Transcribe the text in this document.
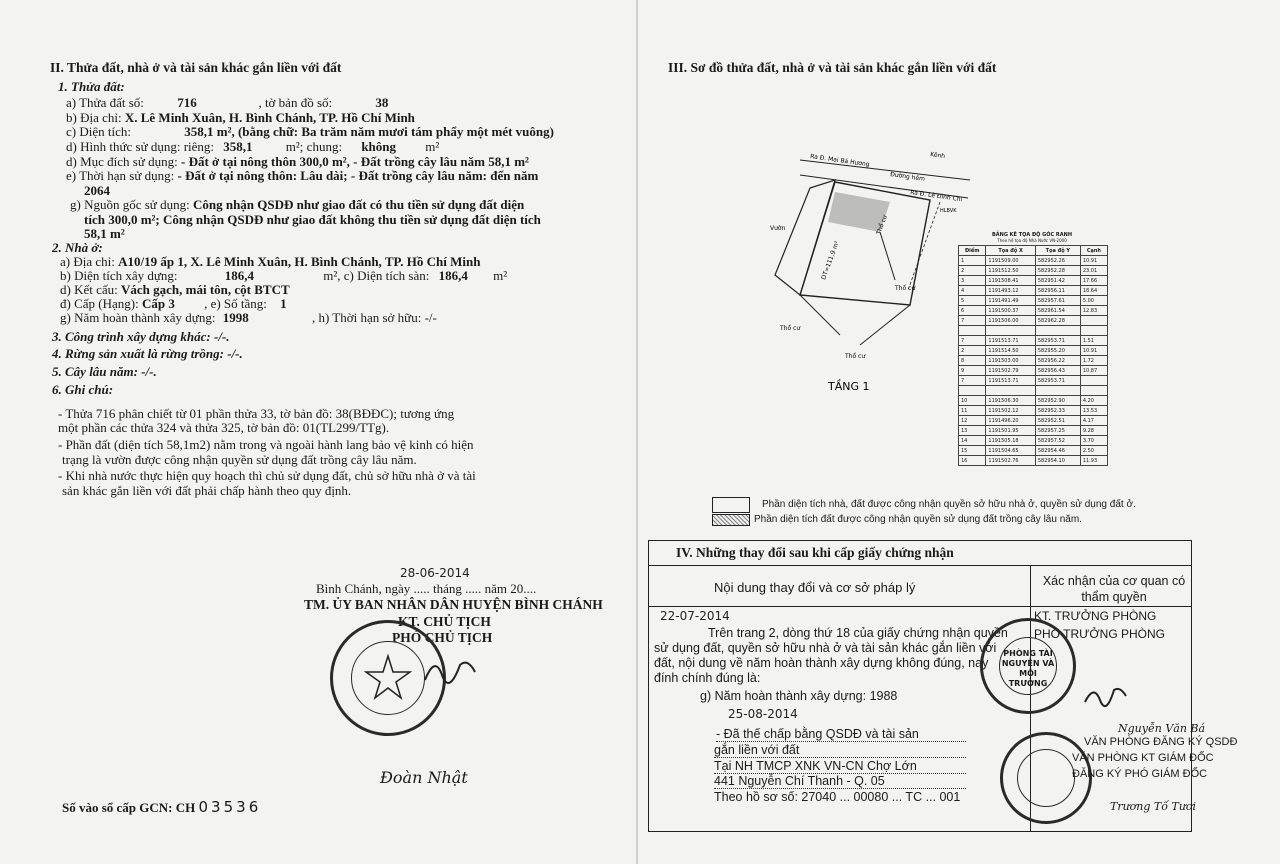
II. Thửa đất, nhà ở và tài sản khác gắn liền với đất
1. Thửa đất:
a) Thửa đất số:	716	, tờ bản đồ số:	38
b) Địa chỉ: X. Lê Minh Xuân, H. Bình Chánh, TP. Hồ Chí Minh
c) Diện tích:	358,1 m², (bằng chữ: Ba trăm năm mươi tám phẩy một mét vuông)
d) Hình thức sử dụng: riêng: 358,1	m²; chung: không m²
d) Mục đích sử dụng: - Đất ở tại nông thôn 300,0 m², - Đất trồng cây lâu năm 58,1 m²
e) Thời hạn sử dụng: - Đất ở tại nông thôn: Lâu dài; - Đất trồng cây lâu năm: đến năm
2064
g) Nguồn gốc sử dụng: Công nhận QSDĐ như giao đất có thu tiền sử dụng đất diện
tích 300,0 m²; Công nhận QSDĐ như giao đất không thu tiền sử dụng đất diện tích
58,1 m²
2. Nhà ở:
a) Địa chỉ: A10/19 ấp 1, X. Lê Minh Xuân, H. Bình Chánh, TP. Hồ Chí Minh
b) Diện tích xây dựng:	186,4	m², c) Diện tích sàn: 186,4 m²
d) Kết cấu: Vách gạch, mái tôn, cột BTCT
đ) Cấp (Hạng): Cấp 3 , e) Số tầng: 1
g) Năm hoàn thành xây dựng: 1998	, h) Thời hạn sở hữu: -/-
3. Công trình xây dựng khác: -/-.
4. Rừng sản xuất là rừng trồng: -/-.
5. Cây lâu năm: -/-.
6. Ghi chú:
- Thửa 716 phân chiết từ 01 phần thửa 33, tờ bản đồ: 38(BĐĐC); tương ứng
một phần các thửa 324 và thửa 325, tờ bản đồ: 01(TL299/TTg).
- Phần đất (diện tích 58,1m2) nằm trong và ngoài hành lang bảo vệ kinh có hiện
trạng là vườn được công nhận quyền sử dụng đất trồng cây lâu năm.
- Khi nhà nước thực hiện quy hoạch thì chủ sử dụng đất, chủ sở hữu nhà ở và tài
sản khác gắn liền với đất phải chấp hành theo quy định.
28-06-2014
Bình Chánh, ngày ..... tháng ..... năm 20....
TM. ỦY BAN NHÂN DÂN HUYỆN BÌNH CHÁNH
KT. CHỦ TỊCH
PHÓ CHỦ TỊCH
Đoàn Nhật
Số vào sổ cấp GCN: CH 03536
III. Sơ đồ thửa đất, nhà ở và tài sản khác gắn liền với đất
Đường hẻm
Ra Đ. Lê Đình Chi
Kênh
Ra Đ. Mai Bá Hương
Vườn	Thổ cư
Thổ cư
Thổ cư
Thổ cư
DT=111,9 m²
HLBVK
TẦNG 1
BẢNG KÊ TỌA ĐỘ GÓC RANH
Theo hệ tọa độ Nhà Nước VN-2000
Điểm	Tọa độ X	Tọa độ Y	Cạnh
1	1191509.00	582952.26	10.91
2	1191512.50	582952.28	23.01
3	1191508.41	582951.42	17.66
4	1191493.12	582956.11	18.64
5	1191491.49	582957.61	5.00
6	1191500.37	582961.54	12.83
7	1191506.00	582962.28	

7	1191513.71	582953.71	1.51
2	1191514.50	582955.20	10.91
8	1191503.00	582956.22	1.72
9	1191502.79	582956.43	10.87
7	1191513.71	582953.71	

10	1191506.30	582952.90	4.20
11	1191502.12	582952.33	13.53
12	1191496.20	582952.51	4.17
13	1191501.95	582957.25	9.28
14	1191505.18	582957.52	3.70
15	1191504.65	582954.46	2.50
16	1191502.76	582954.10	11.93
Phần diện tích nhà, đất được công nhận quyền sở hữu nhà ở, quyền sử dụng đất ở.
Phần diện tích đất được công nhận quyền sử dụng đất trồng cây lâu năm.
IV. Những thay đổi sau khi cấp giấy chứng nhận
Nội dung thay đổi và cơ sở pháp lý	Xác nhận của cơ quan có thẩm quyền
22-07-2014
Trên trang 2, dòng thứ 18 của giấy chứng nhận quyền
sử dụng đất, quyền sở hữu nhà ở và tài sản khác gắn liền với
đất, nội dung về năm hoàn thành xây dựng không đúng, nay
đính chính đúng là:
g) Năm hoàn thành xây dựng: 1988
KT. TRƯỞNG PHÒNG
PHÓ TRƯỞNG PHÒNG
PHÒNG TÀI NGUYÊN VÀ MÔI TRƯỜNG
25-08-2014
- Đã thế chấp bằng QSDĐ và tài sản
gắn liền với đất
Tại NH TMCP XNK VN-CN Chợ Lớn
441 Nguyễn Chí Thanh - Q. 05
Theo hồ sơ số: 27040 ... 00080 ... TC ... 001
Nguyễn Văn Bá
VĂN PHÒNG ĐĂNG KÝ QSDĐ
VĂN PHÒNG KT GIÁM ĐỐC
ĐĂNG KÝ PHÓ GIÁM ĐỐC
Trương Tố Tươi
